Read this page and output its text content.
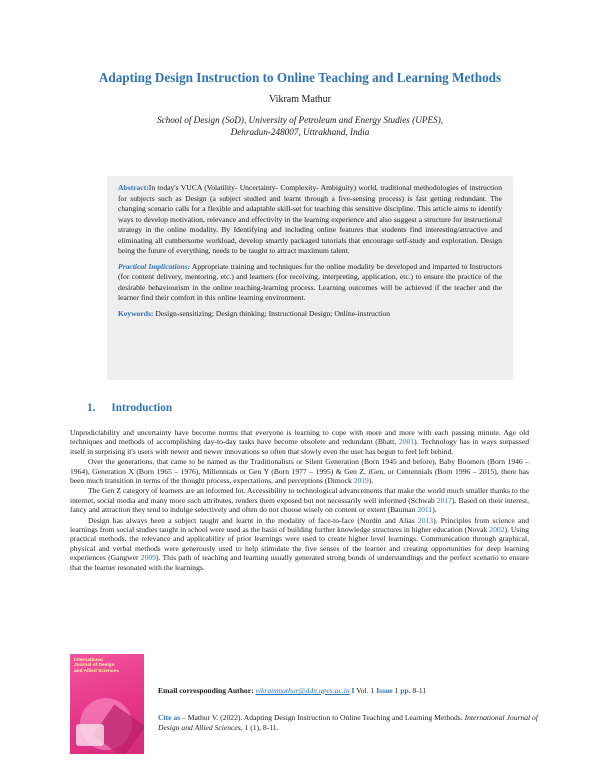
Adapting Design Instruction to Online Teaching and Learning Methods
Vikram Mathur
School of Design (SoD), University of Petroleum and Energy Studies (UPES),
Dehradun-248007, Uttrakhand, India

Abstract:In today's VUCA (Volatility- Uncertainty- Complexity- Ambiguity) world, traditional methodologies of instruction for subjects such as Design (a subject studied and learnt through a five-sensing process) is fast getting redundant. The changing scenario calls for a flexible and adaptable skill-set for teaching this sensitive discipline. This article aims to identify ways to develop motivation, relevance and effectivity in the learning experience and also suggest a structure for instructional strategy in the online modality. By Identifying and including online features that students find interesting/attractive and eliminating all cumbersome workload, develop smartly packaged tutorials that encourage self-study and exploration. Design being the future of everything, needs to be taught to attract maximum talent.

Practical Implications: Appropriate training and techniques for the online modality be developed and imparted to Instructors (for content delivery, mentoring, etc.) and learners (for receiving, interpreting, application, etc.) to ensure the practice of the desirable behaviourism in the online teaching-learning process. Learning outcomes will be achieved if the teacher and the learner find their comfort in this online learning environment.

Keywords: Design-sensitizing; Design thinking; Instructional Design; Online-instruction

1. Introduction

Unpredictability and uncertainty have become norms that everyone is learning to cope with more and more with each passing minute. Age old techniques and methods of accomplishing day-to-day tasks have become obsolete and redundant (Bhatt, 2001). Technology has in ways surpassed itself in surprising it's users with newer and newer innovations so often that slowly even the user has begun to feel left behind.

Over the generations, that came to be named as the Traditionalists or Silent Generation (Born 1945 and before), Baby Boomers (Born 1946 – 1964), Generation X (Born 1965 – 1976), Millennials or Gen Y (Born 1977 – 1995) & Gen Z, iGen, or Centennials (Born 1996 – 2015), there has been much transition in terms of the thought process, expectations, and perceptions (Dimock 2019).

The Gen Z category of learners are an informed lot. Accessibility to technological advancements that make the world much smaller thanks to the internet, social media and many more such attributes, renders them exposed but not necessarily well informed (Schwab 2017). Based on their interest, fancy and attraction they tend to indulge selectively and often do not choose wisely on content or extent (Bauman 2011).

Design has always been a subject taught and learnt in the modality of face-to-face (Nordin and Alias 2013). Principles from science and learnings from social studies taught in school were used as the basis of building further knowledge structures in higher education (Novak 2002). Using practical methods, the relevance and applicability of prior learnings were used to create higher level learnings. Communication through graphical, physical and verbal methods were generously used to help stimulate the five senses of the learner and creating opportunities for deep learning experiences (Gangwer 2009). This path of teaching and learning usually generated strong bonds of understandings and the perfect scenario to ensure that the learner resonated with the learnings.

International
Journal of Design
and Allied Sciences
Email corresponding Author: vikrammathur@ddn.upes.ac.in I Vol. 1 Issue 1 pp. 8-11
Cite as – Mathur V. (2022). Adapting Design Instruction to Online Teaching and Learning Methods. International Journal of Design and Allied Sciences, 1 (1), 8-11.
